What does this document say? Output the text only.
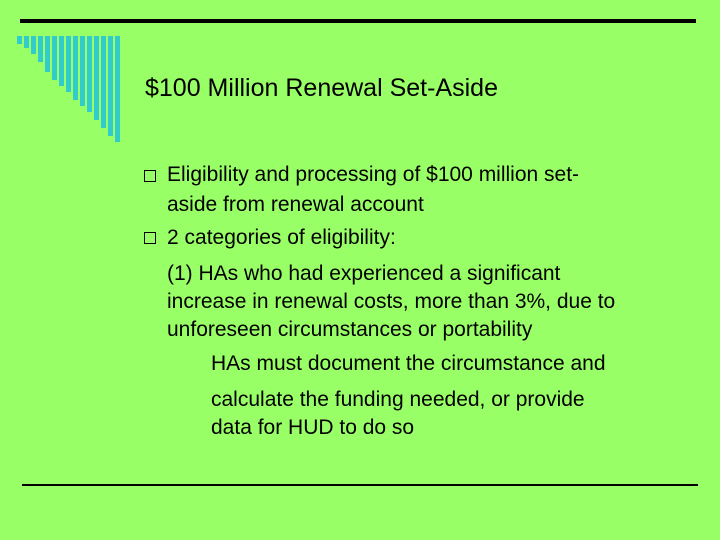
$100 Million Renewal Set-Aside
Eligibility and processing of $100 million set-
aside from renewal account
2 categories of eligibility:
(1) HAs who had experienced a significant
increase in renewal costs, more than 3%, due to
unforeseen circumstances or portability
HAs must document the circumstance and
calculate the funding needed, or provide
data for HUD to do so
